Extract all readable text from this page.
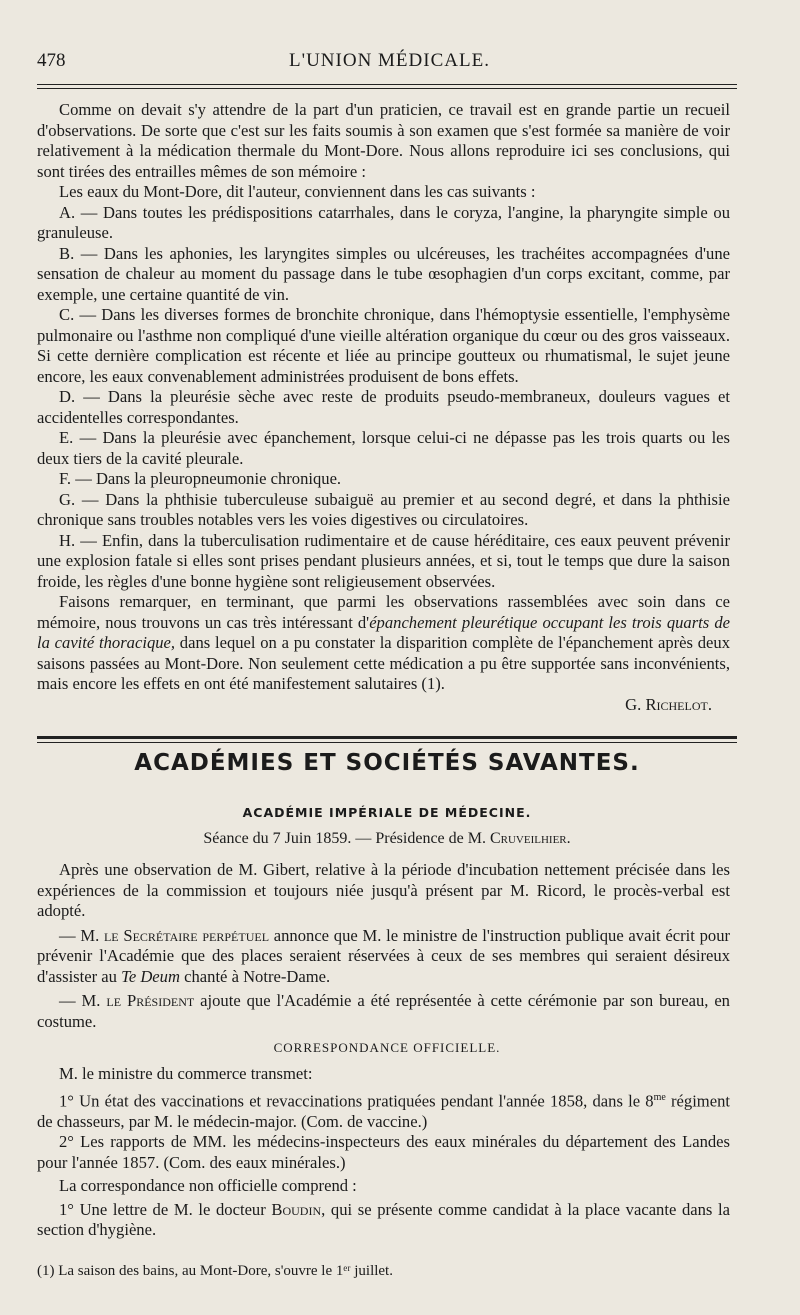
478	L'UNION MÉDICALE.

Comme on devait s'y attendre de la part d'un praticien, ce travail est en grande partie un recueil d'observations. De sorte que c'est sur les faits soumis à son examen que s'est formée sa manière de voir relativement à la médication thermale du Mont-Dore. Nous allons reproduire ici ses conclusions, qui sont tirées des entrailles mêmes de son mémoire :

Les eaux du Mont-Dore, dit l'auteur, conviennent dans les cas suivants :

A. — Dans toutes les prédispositions catarrhales, dans le coryza, l'angine, la pharyngite simple ou granuleuse.

B. — Dans les aphonies, les laryngites simples ou ulcéreuses, les trachéites accompagnées d'une sensation de chaleur au moment du passage dans le tube œsophagien d'un corps excitant, comme, par exemple, une certaine quantité de vin.

C. — Dans les diverses formes de bronchite chronique, dans l'hémoptysie essentielle, l'emphysème pulmonaire ou l'asthme non compliqué d'une vieille altération organique du cœur ou des gros vaisseaux. Si cette dernière complication est récente et liée au principe goutteux ou rhumatismal, le sujet jeune encore, les eaux convenablement administrées produisent de bons effets.

D. — Dans la pleurésie sèche avec reste de produits pseudo-membraneux, douleurs vagues et accidentelles correspondantes.

E. — Dans la pleurésie avec épanchement, lorsque celui-ci ne dépasse pas les trois quarts ou les deux tiers de la cavité pleurale.

F. — Dans la pleuropneumonie chronique.

G. — Dans la phthisie tuberculeuse subaiguë au premier et au second degré, et dans la phthisie chronique sans troubles notables vers les voies digestives ou circulatoires.

H. — Enfin, dans la tuberculisation rudimentaire et de cause héréditaire, ces eaux peuvent prévenir une explosion fatale si elles sont prises pendant plusieurs années, et si, tout le temps que dure la saison froide, les règles d'une bonne hygiène sont religieusement observées.

Faisons remarquer, en terminant, que parmi les observations rassemblées avec soin dans ce mémoire, nous trouvons un cas très intéressant d'épanchement pleurétique occupant les trois quarts de la cavité thoracique, dans lequel on a pu constater la disparition complète de l'épanchement après deux saisons passées au Mont-Dore. Non seulement cette médication a pu être supportée sans inconvénients, mais encore les effets en ont été manifestement salutaires (1).

G. Richelot.

ACADÉMIES ET SOCIÉTÉS SAVANTES.
ACADÉMIE IMPÉRIALE DE MÉDECINE.
Séance du 7 Juin 1859. — Présidence de M. Cruveilhier.

Après une observation de M. Gibert, relative à la période d'incubation nettement précisée dans les expériences de la commission et toujours niée jusqu'à présent par M. Ricord, le procès-verbal est adopté.

— M. le Secrétaire perpétuel annonce que M. le ministre de l'instruction publique avait écrit pour prévenir l'Académie que des places seraient réservées à ceux de ses membres qui seraient désireux d'assister au Te Deum chanté à Notre-Dame.

— M. le Président ajoute que l'Académie a été représentée à cette cérémonie par son bureau, en costume.

CORRESPONDANCE OFFICIELLE.

M. le ministre du commerce transmet:

1° Un état des vaccinations et revaccinations pratiquées pendant l'année 1858, dans le $8^{me}$ régiment de chasseurs, par M. le médecin-major. (Com. de vaccine.)

2° Les rapports de MM. les médecins-inspecteurs des eaux minérales du département des Landes pour l'année 1857. (Com. des eaux minérales.)

La correspondance non officielle comprend :

1° Une lettre de M. le docteur Boudin, qui se présente comme candidat à la place vacante dans la section d'hygiène.

(1) La saison des bains, au Mont-Dore, s'ouvre le 1ᵉʳ juillet.
